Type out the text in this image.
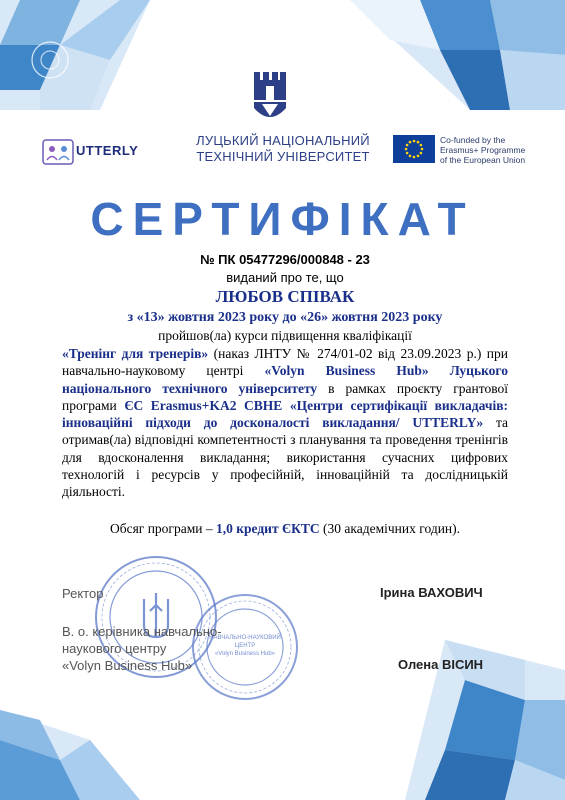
ЛУЦЬКИЙ НАЦІОНАЛЬНИЙ
ТЕХНІЧНИЙ УНІВЕРСИТЕТ
UTTERLY
Co-funded by the
Erasmus+ Programme
of the European Union
СЕРТИФІКАТ
№ ПК 05477296/000848 - 23
виданий про те, що
ЛЮБОВ СПІВАК
з «13» жовтня 2023 року до «26» жовтня 2023 року
пройшов(ла) курси підвищення кваліфікації
«Тренінг для тренерів» (наказ ЛНТУ № 274/01-02 від 23.09.2023 р.) при навчально-науковому центрі «Volyn Business Hub» Луцького національного технічного університету в рамках проєкту грантової програми ЄС Erasmus+KA2 CBHE «Центри сертифікації викладачів: інноваційні підходи до досконалості викладання/ UTTERLY» та отримав(ла) відповідні компетентності з планування та проведення тренінгів для вдосконалення викладання; використання сучасних цифрових технологій і ресурсів у професійній, інноваційній та дослідницькій діяльності.
Обсяг програми – 1,0 кредит ЄКТС (30 академічних годин).
НАВЧАЛЬНО-НАУКОВИЙ ЦЕНТР
«Volyn Business Hub»
Ректор	Ірина ВАХОВИЧ
В. о. керівника навчально-
наукового центру
«Volyn Business Hub»	Олена ВІСИН
